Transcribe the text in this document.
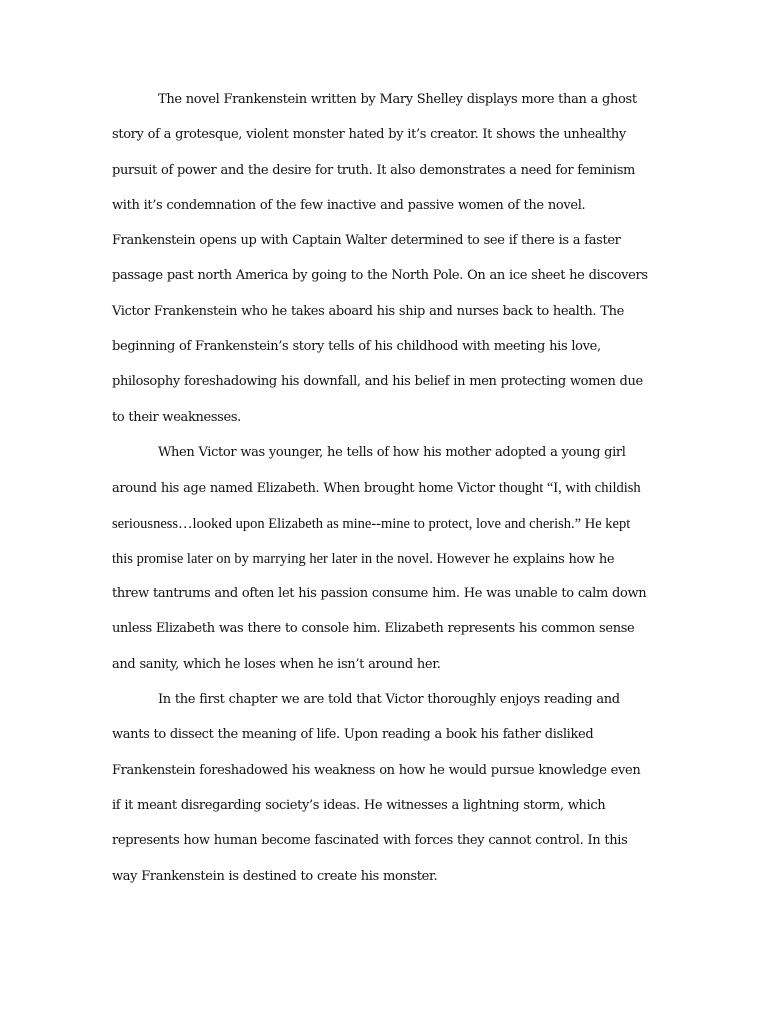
The novel Frankenstein written by Mary Shelley displays more than a ghost
story of a grotesque, violent monster hated by it’s creator. It shows the unhealthy
pursuit of power and the desire for truth. It also demonstrates a need for feminism
with it’s condemnation of the few inactive and passive women of the novel.
Frankenstein opens up with Captain Walter determined to see if there is a faster
passage past north America by going to the North Pole. On an ice sheet he discovers
Victor Frankenstein who he takes aboard his ship and nurses back to health. The
beginning of Frankenstein’s story tells of his childhood with meeting his love,
philosophy foreshadowing his downfall, and his belief in men protecting women due
to their weaknesses.
When Victor was younger, he tells of how his mother adopted a young girl
around his age named Elizabeth. When brought home Victor thought “I, with childish
seriousness…looked upon Elizabeth as mine--mine to protect, love and cherish.” He kept
this promise later on by marrying her later in the novel. However he explains how he
threw tantrums and often let his passion consume him. He was unable to calm down
unless Elizabeth was there to console him. Elizabeth represents his common sense
and sanity, which he loses when he isn’t around her.
In the first chapter we are told that Victor thoroughly enjoys reading and
wants to dissect the meaning of life. Upon reading a book his father disliked
Frankenstein foreshadowed his weakness on how he would pursue knowledge even
if it meant disregarding society’s ideas. He witnesses a lightning storm, which
represents how human become fascinated with forces they cannot control. In this
way Frankenstein is destined to create his monster.
